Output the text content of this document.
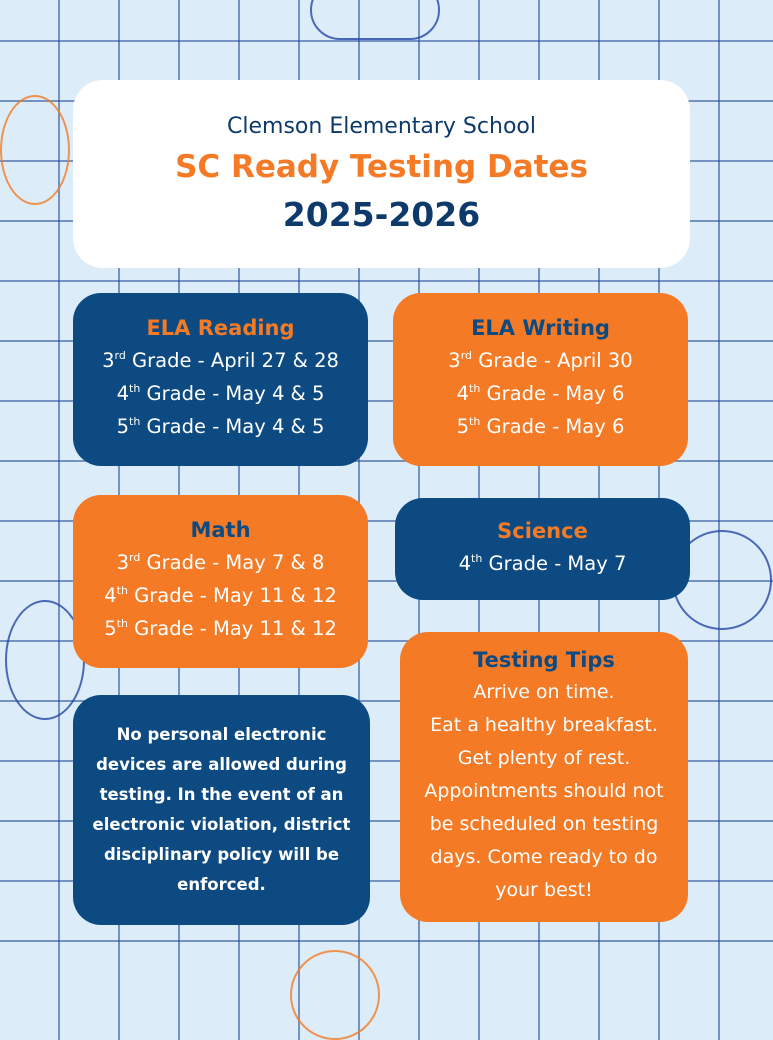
Clemson Elementary School
SC Ready Testing Dates
2025-2026
ELA Reading
3rd Grade - April 27 & 28
4th Grade - May 4 & 5
5th Grade - May 4 & 5
ELA Writing
3rd Grade - April 30
4th Grade - May 6
5th Grade - May 6
Math
3rd Grade - May 7 & 8
4th Grade - May 11 & 12
5th Grade - May 11 & 12
Science
4th Grade - May 7
No personal electronic devices are allowed during testing. In the event of an electronic violation, district disciplinary policy will be enforced.
Testing Tips
Arrive on time.
Eat a healthy breakfast.
Get plenty of rest.
Appointments should not
be scheduled on testing
days. Come ready to do
your best!
